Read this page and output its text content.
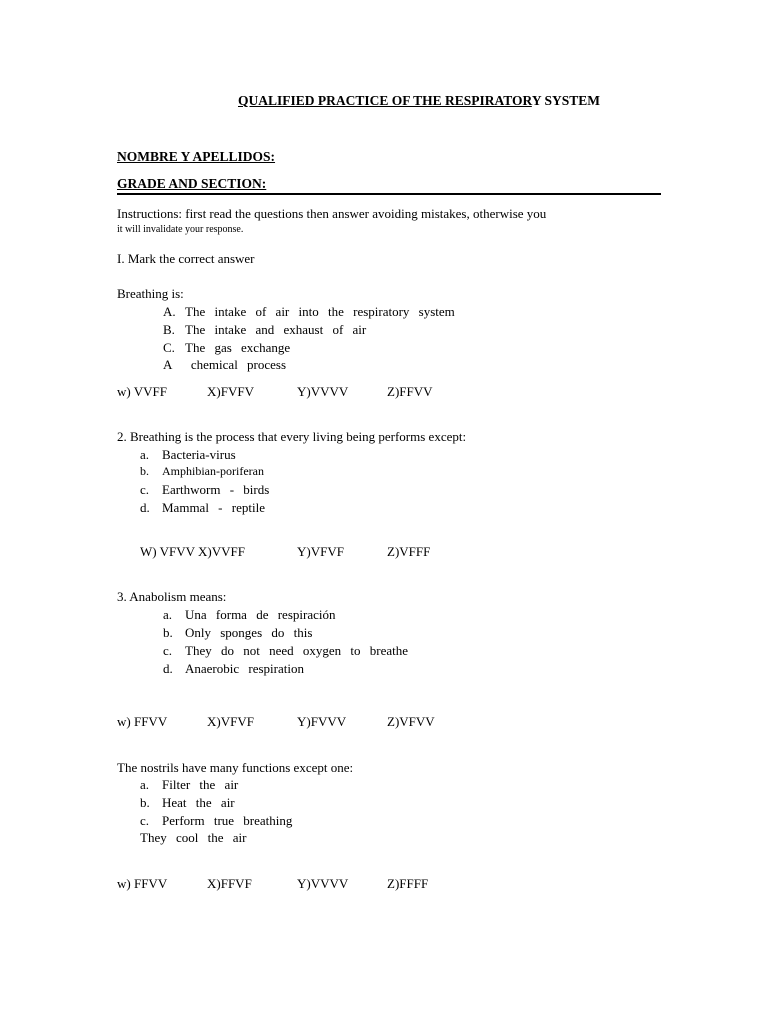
QUALIFIED PRACTICE OF THE RESPIRATORY SYSTEM
NOMBRE Y APELLIDOS:
GRADE AND SECTION:
Instructions: first read the questions then answer avoiding mistakes, otherwise you
it will invalidate your response.
I. Mark the correct answer
Breathing is:
A. The intake of air into the respiratory system
B. The intake and exhaust of air
C. The gas exchange
A chemical process
w) VVFF	X)FVFV	Y)VVVV	Z)FFVV
2. Breathing is the process that every living being performs except:
a. Bacteria-virus
b. Amphibian-poriferan
c. Earthworm - birds
d. Mammal - reptile
W) VFVV X)VVFF	Y)VFVF	Z)VFFF
3. Anabolism means:
a. Una forma de respiración
b. Only sponges do this
c. They do not need oxygen to breathe
d. Anaerobic respiration
w) FFVV	X)VFVF	Y)FVVV	Z)VFVV
The nostrils have many functions except one:
a. Filter the air
b. Heat the air
c. Perform true breathing
They cool the air
w) FFVV	X)FFVF	Y)VVVV	Z)FFFF
